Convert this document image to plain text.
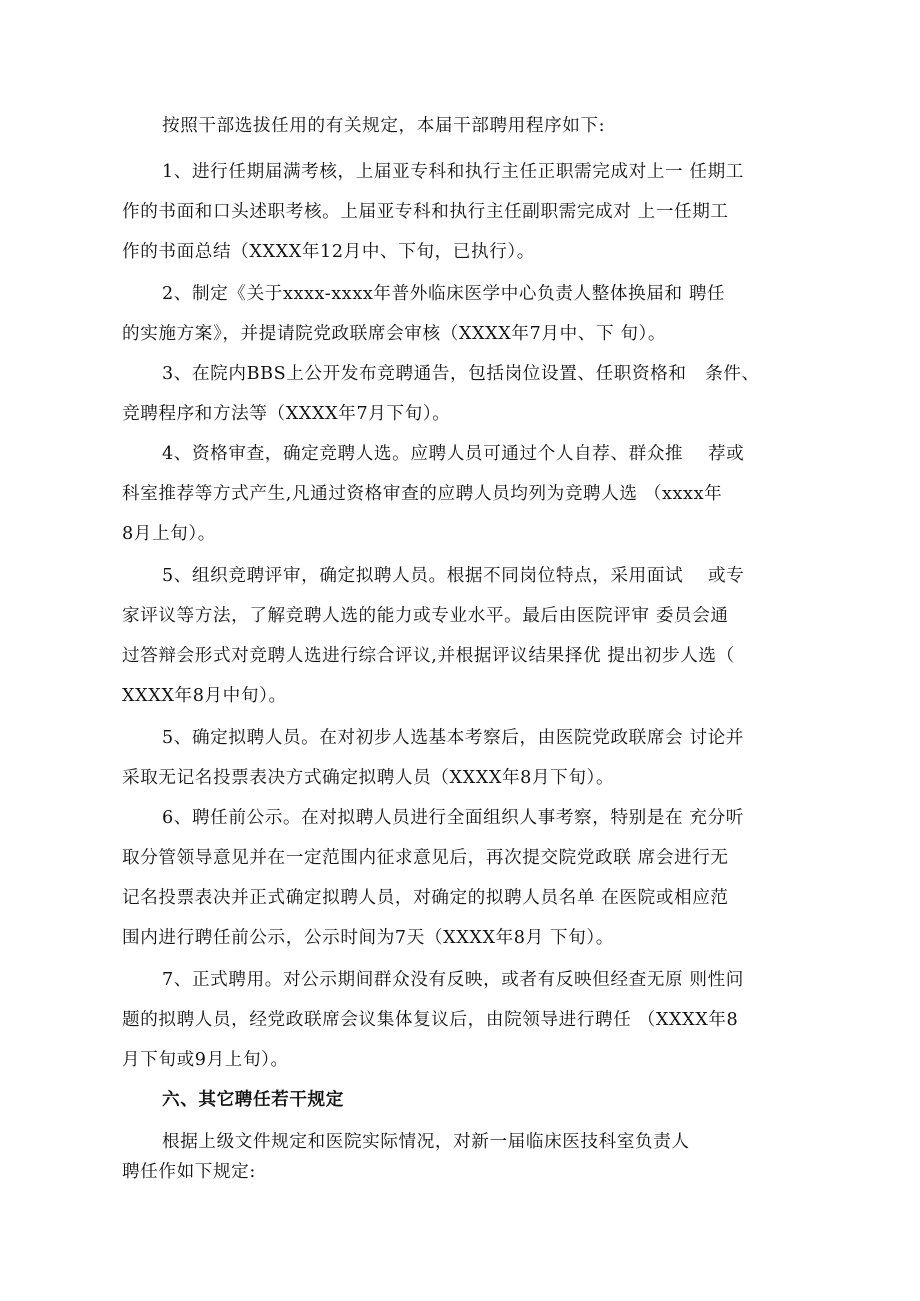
按照干部选拔任用的有关规定，本届干部聘用程序如下:
1、进行任期届满考核，上届亚专科和执行主任正职需完成对上一 任期工
作的书面和口头述职考核。上届亚专科和执行主任副职需完成对 上一任期工
作的书面总结（XXXX年12月中、下旬，已执行）。
2、制定《关于xxxx-xxxx年普外临床医学中心负责人整体换届和 聘任
的实施方案》，并提请院党政联席会审核（XXXX年7月中、下 旬）。
3、在院内BBS上公开发布竞聘通告，包括岗位设置、任职资格和   条件、
竞聘程序和方法等（XXXX年7月下旬）。
4、资格审查，确定竞聘人选。应聘人员可通过个人自荐、群众推    荐或
科室推荐等方式产生,凡通过资格审查的应聘人员均列为竞聘人选 （xxxx年
8月上旬）。
5、组织竞聘评审，确定拟聘人员。根据不同岗位特点，采用面试    或专
家评议等方法，了解竞聘人选的能力或专业水平。最后由医院评审 委员会通
过答辩会形式对竞聘人选进行综合评议,并根据评议结果择优 提出初步人选（
XXXX年8月中旬）。
5、确定拟聘人员。在对初步人选基本考察后，由医院党政联席会 讨论并
采取无记名投票表决方式确定拟聘人员（XXXX年8月下旬）。
6、聘任前公示。在对拟聘人员进行全面组织人事考察，特别是在 充分听
取分管领导意见并在一定范围内征求意见后，再次提交院党政联 席会进行无
记名投票表决并正式确定拟聘人员，对确定的拟聘人员名单 在医院或相应范
围内进行聘任前公示，公示时间为7天（XXXX年8月 下旬）。
7、正式聘用。对公示期间群众没有反映，或者有反映但经查无原 则性问
题的拟聘人员，经党政联席会议集体复议后，由院领导进行聘任 （XXXX年8
月下旬或9月上旬）。
六、其它聘任若干规定
根据上级文件规定和医院实际情况，对新一届临床医技科室负责人
聘任作如下规定:
